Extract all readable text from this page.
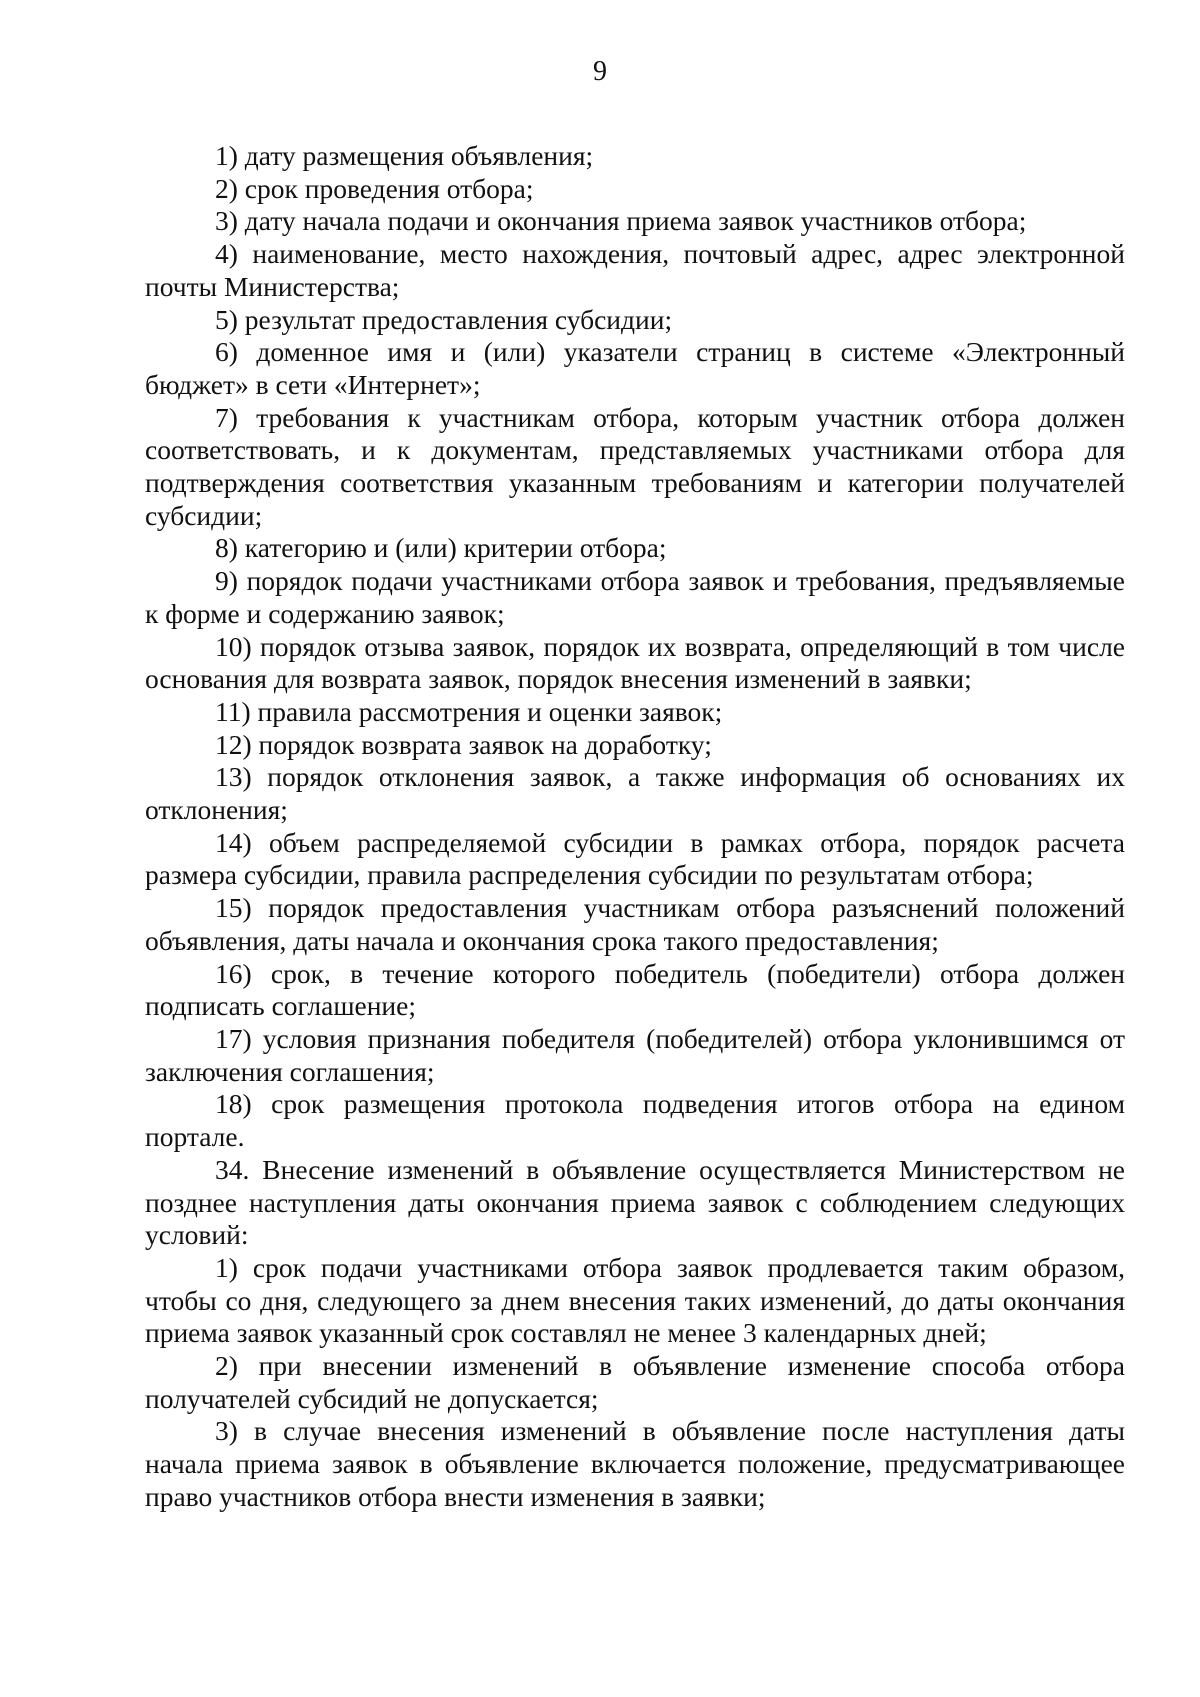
9

1) дату размещения объявления;

2) срок проведения отбора;

3) дату начала подачи и окончания приема заявок участников отбора;

4) наименование, место нахождения, почтовый адрес, адрес электронной почты Министерства;

5) результат предоставления субсидии;

6) доменное имя и (или) указатели страниц в системе «Электронный бюджет» в сети «Интернет»;

7) требования к участникам отбора, которым участник отбора должен соответствовать, и к документам, представляемых участниками отбора для подтверждения соответствия указанным требованиям и категории получателей субсидии;

8) категорию и (или) критерии отбора;

9) порядок подачи участниками отбора заявок и требования, предъявляемые к форме и содержанию заявок;

10) порядок отзыва заявок, порядок их возврата, определяющий в том числе основания для возврата заявок, порядок внесения изменений в заявки;

11) правила рассмотрения и оценки заявок;

12) порядок возврата заявок на доработку;

13) порядок отклонения заявок, а также информация об основаниях их отклонения;

14) объем распределяемой субсидии в рамках отбора, порядок расчета размера субсидии, правила распределения субсидии по результатам отбора;

15) порядок предоставления участникам отбора разъяснений положений объявления, даты начала и окончания срока такого предоставления;

16) срок, в течение которого победитель (победители) отбора должен подписать соглашение;

17) условия признания победителя (победителей) отбора уклонившимся от заключения соглашения;

18) срок размещения протокола подведения итогов отбора на едином портале.

34. Внесение изменений в объявление осуществляется Министерством не позднее наступления даты окончания приема заявок с соблюдением следующих условий:

1) срок подачи участниками отбора заявок продлевается таким образом, чтобы со дня, следующего за днем внесения таких изменений, до даты окончания приема заявок указанный срок составлял не менее 3 календарных дней;

2) при внесении изменений в объявление изменение способа отбора получателей субсидий не допускается;

3) в случае внесения изменений в объявление после наступления даты начала приема заявок в объявление включается положение, предусматривающее право участников отбора внести изменения в заявки;
